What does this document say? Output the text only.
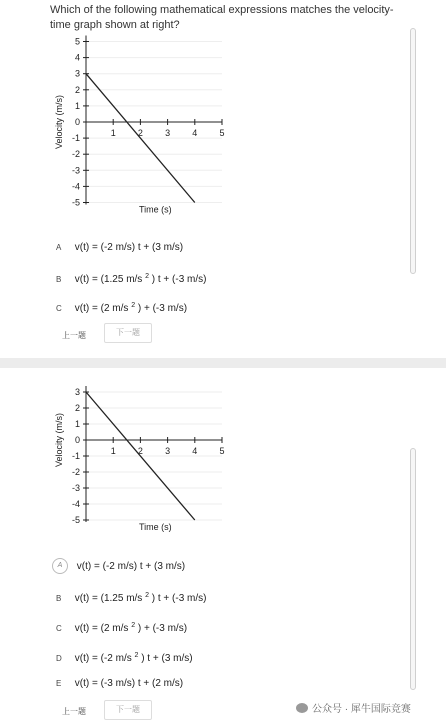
Which of the following mathematical expressions matches the velocity-
time graph shown at right?
5
4
3
2
1
0
-1
-2
-3
-4
-5
1 2 3 4 5
Velocity (m/s)
Time (s)
A v(t) = (-2 m/s) t + (3 m/s)
B v(t) = (1.25 m/s $^2$ ) t + (-3 m/s)
C v(t) = (2 m/s $^2$ ) + (-3 m/s)
上一题	下一题
3
2
1
0
-1
-2
-3
-4
-5
1 2 3 4 5
Velocity (m/s)
Time (s)
A v(t) = (-2 m/s) t + (3 m/s)
B v(t) = (1.25 m/s $^2$ ) t + (-3 m/s)
C v(t) = (2 m/s $^2$ ) + (-3 m/s)
D v(t) = (-2 m/s $^2$ ) t + (3 m/s)
E v(t) = (-3 m/s) t + (2 m/s)
上一题	下一题	公众号 · 犀牛国际竞赛
